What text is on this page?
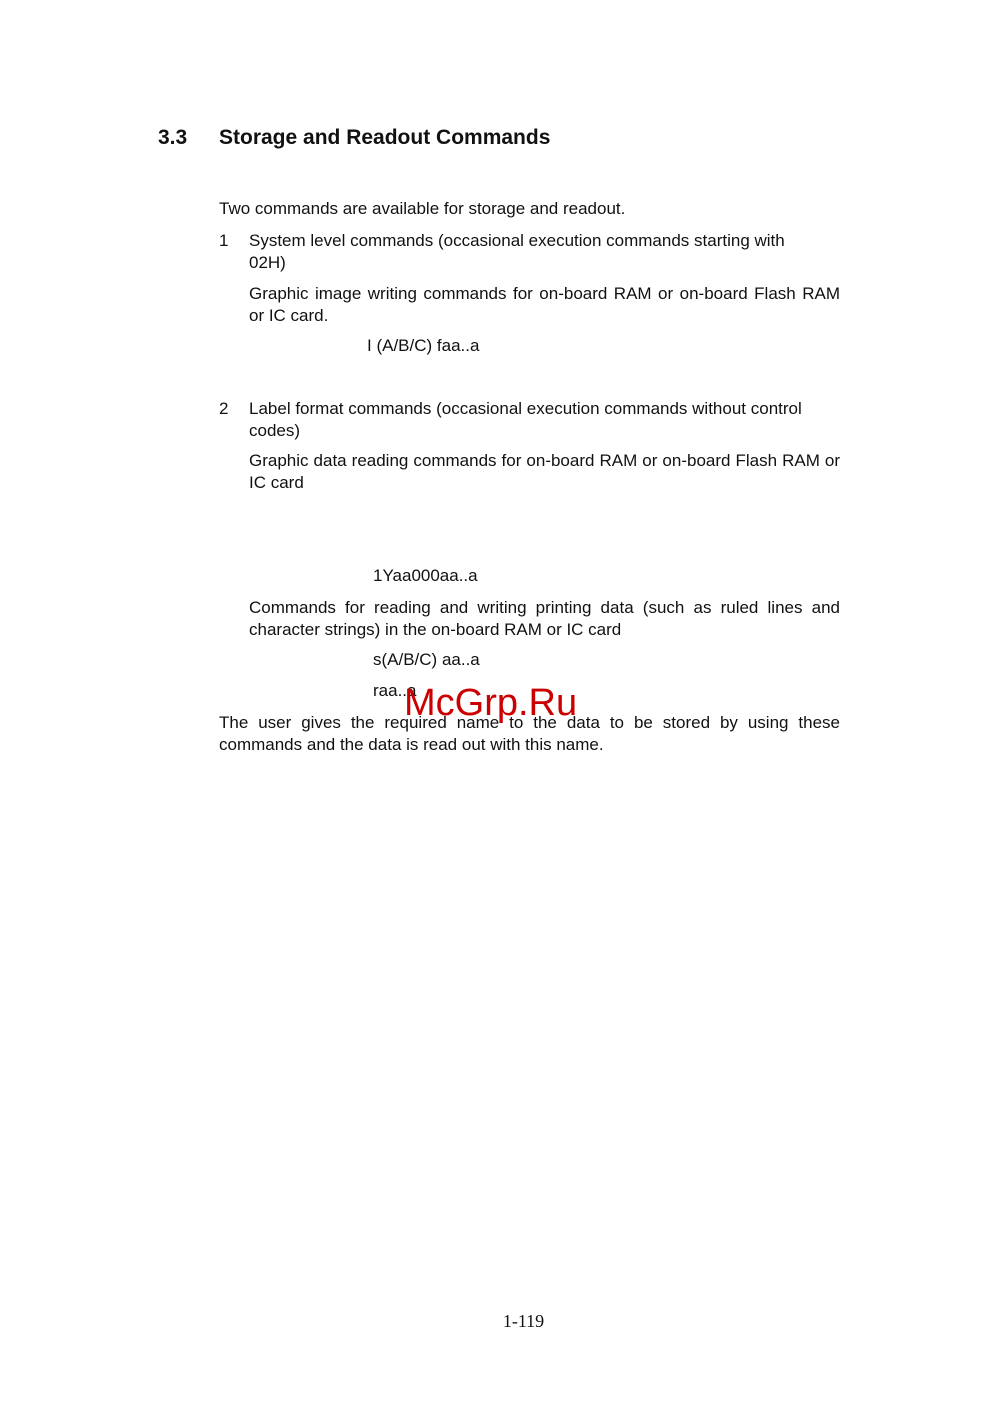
3.3 Storage and Readout Commands

Two commands are available for storage and readout.

1 System level commands (occasional execution commands starting with 02H)

Graphic image writing commands for on-board RAM or on-board Flash RAM or IC card.

I (A/B/C) faa..a
2 Label format commands (occasional execution commands without control codes)

Graphic data reading commands for on-board RAM or on-board Flash RAM or IC card

1Yaa000aa..a

Commands for reading and writing printing data (such as ruled lines and character strings) in the on-board RAM or IC card

s(A/B/C) aa..a
raa..a

The user gives the required name to the data to be stored by using these commands and the data is read out with this name.

McGrp.Ru
1-119
